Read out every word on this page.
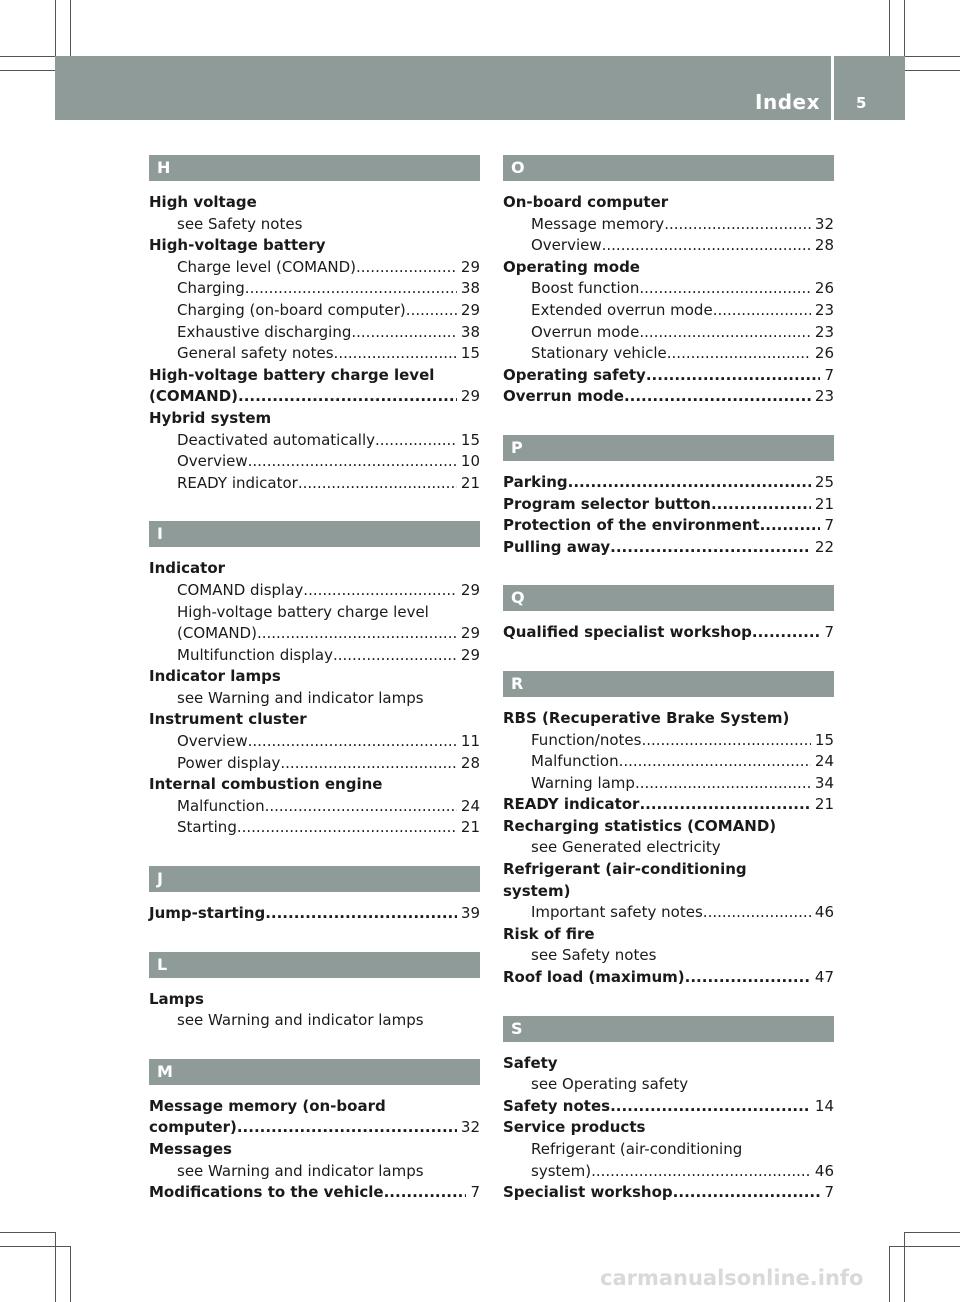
Index 5
H
High voltage
see Safety notes
High-voltage battery
Charge level (COMAND) .....	29
Charging .....	38
Charging (on-board computer) .....	29
Exhaustive discharging .....	38
General safety notes .....	15
High-voltage battery charge level
(COMAND) .....	29
Hybrid system
Deactivated automatically .....	15
Overview .....	10
READY indicator .....	21
I
Indicator
COMAND display .....	29
High-voltage battery charge level
(COMAND) .....	29
Multifunction display .....	29
Indicator lamps
see Warning and indicator lamps
Instrument cluster
Overview .....	11
Power display .....	28
Internal combustion engine
Malfunction .....	24
Starting .....	21
J
Jump-starting .....	39
L
Lamps
see Warning and indicator lamps
M
Message memory (on-board
computer) .....	32
Messages
see Warning and indicator lamps
Modifications to the vehicle .....	7
O
On-board computer
Message memory .....	32
Overview .....	28
Operating mode
Boost function .....	26
Extended overrun mode .....	23
Overrun mode .....	23
Stationary vehicle .....	26
Operating safety .....	7
Overrun mode .....	23
P
Parking .....	25
Program selector button .....	21
Protection of the environment .....	7
Pulling away .....	22
Q
Qualified specialist workshop .....	7
R
RBS (Recuperative Brake System)
Function/notes .....	15
Malfunction .....	24
Warning lamp .....	34
READY indicator .....	21
Recharging statistics (COMAND)
see Generated electricity
Refrigerant (air-conditioning
system)
Important safety notes .....	46
Risk of fire
see Safety notes
Roof load (maximum) .....	47
S
Safety
see Operating safety
Safety notes .....	14
Service products
Refrigerant (air-conditioning
system) .....	46
Specialist workshop .....	7
carmanualsonline.info
